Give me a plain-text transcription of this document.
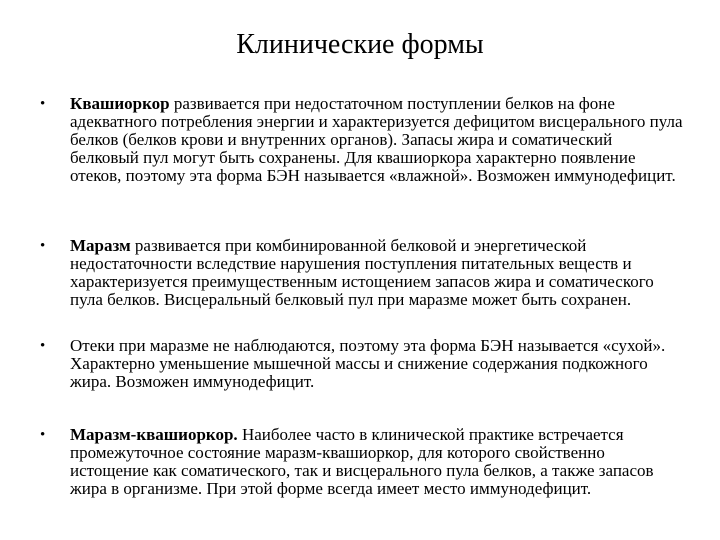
Клинические формы
•	Квашиоркор развивается при недостаточном поступлении белков на фоне адекватного потребления энергии и характеризуется дефицитом висцерального пула белков (белков крови и внутренних органов). Запасы жира и соматический белковый пул могут быть сохранены. Для квашиоркора характерно появление отеков, поэтому эта форма БЭН называется «влажной». Возможен иммунодефицит.
•	Маразм развивается при комбинированной белковой и энергетической недостаточности вследствие нарушения поступления питательных веществ и характеризуется преимущественным истощением запасов жира и соматического пула белков. Висцеральный белковый пул при маразме может быть сохранен.
•	Отеки при маразме не наблюдаются, поэтому эта форма БЭН называется «сухой». Характерно уменьшение мышечной массы и снижение содержания подкожного жира. Возможен иммунодефицит.
•	Маразм-квашиоркор. Наиболее часто в клинической практике встречается промежуточное состояние маразм-квашиоркор, для которого свойственно истощение как соматического, так и висцерального пула белков, а также запасов жира в организме. При этой форме всегда имеет место иммунодефицит.
